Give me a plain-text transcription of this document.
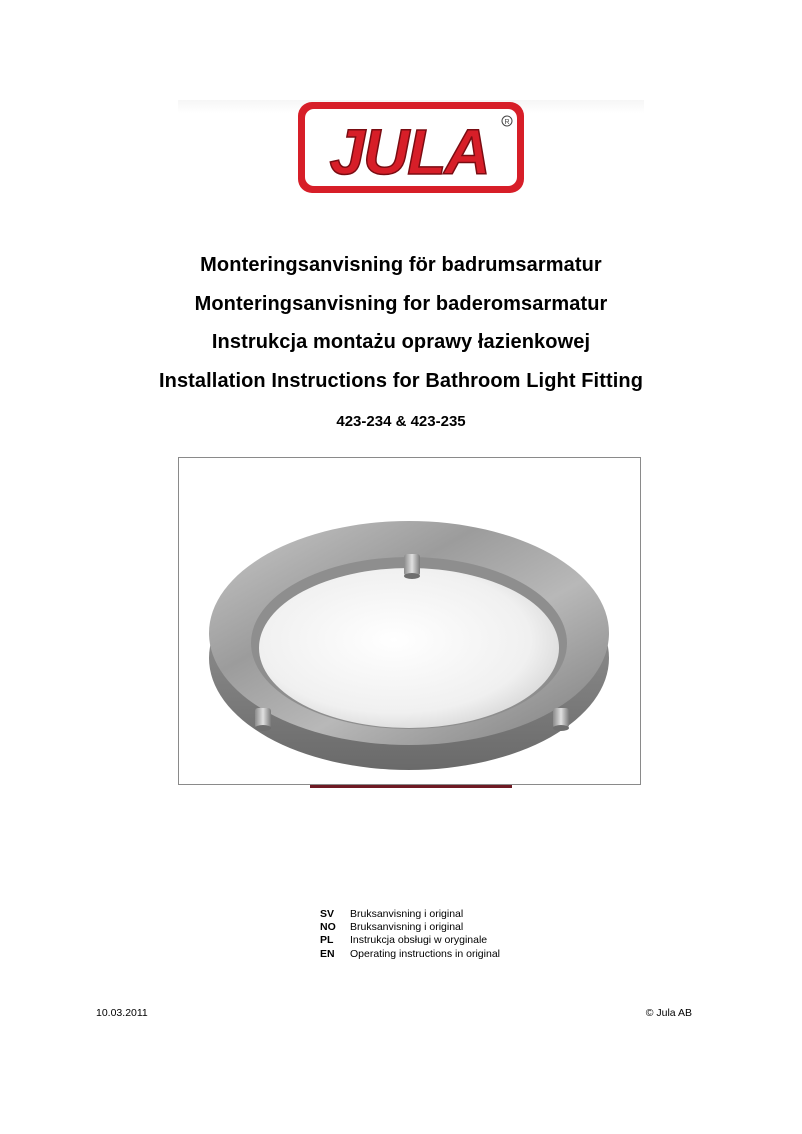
JULA R
Monteringsanvisning för badrumsarmatur
Monteringsanvisning for baderomsarmatur
Instrukcja montażu oprawy łazienkowej
Installation Instructions for Bathroom Light Fitting
423-234 & 423-235
SV	Bruksanvisning i original
NO	Bruksanvisning i original
PL	Instrukcja obsługi w oryginale
EN	Operating instructions in original
10.03.2011	© Jula AB
